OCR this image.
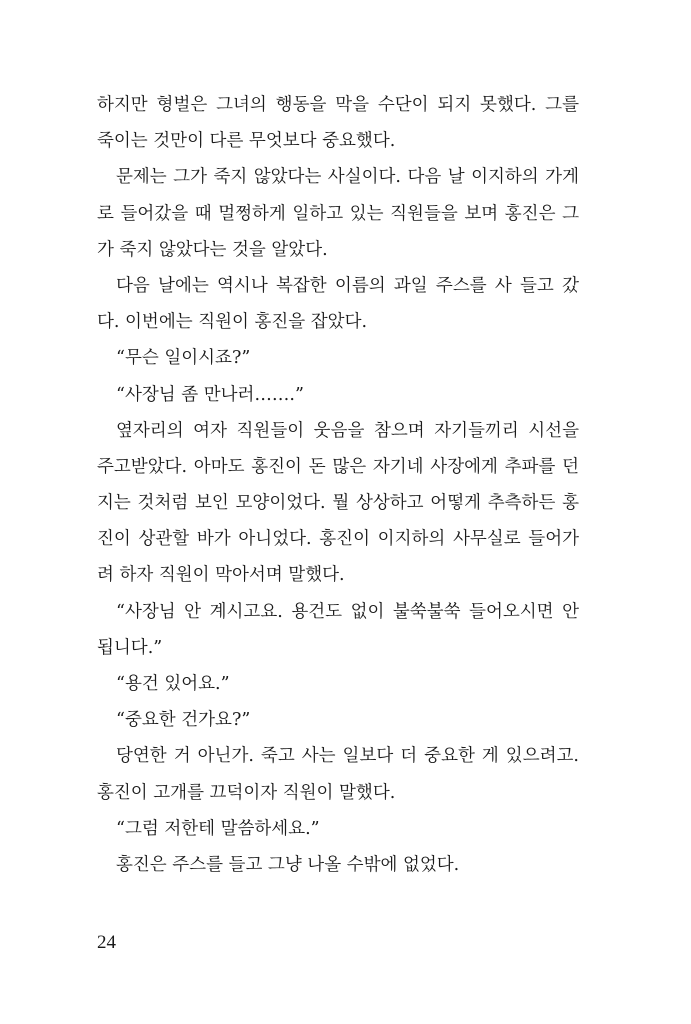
하지만 형벌은 그녀의 행동을 막을 수단이 되지 못했다. 그를
죽이는 것만이 다른 무엇보다 중요했다.
문제는 그가 죽지 않았다는 사실이다. 다음 날 이지하의 가게
로 들어갔을 때 멀쩡하게 일하고 있는 직원들을 보며 홍진은 그
가 죽지 않았다는 것을 알았다.
다음 날에는 역시나 복잡한 이름의 과일 주스를 사 들고 갔
다. 이번에는 직원이 홍진을 잡았다.
“무슨 일이시죠?”
“사장님 좀 만나러…….”
옆자리의 여자 직원들이 웃음을 참으며 자기들끼리 시선을
주고받았다. 아마도 홍진이 돈 많은 자기네 사장에게 추파를 던
지는 것처럼 보인 모양이었다. 뭘 상상하고 어떻게 추측하든 홍
진이 상관할 바가 아니었다. 홍진이 이지하의 사무실로 들어가
려 하자 직원이 막아서며 말했다.
“사장님 안 계시고요. 용건도 없이 불쑥불쑥 들어오시면 안
됩니다.”
“용건 있어요.”
“중요한 건가요?”
당연한 거 아닌가. 죽고 사는 일보다 더 중요한 게 있으려고.
홍진이 고개를 끄덕이자 직원이 말했다.
“그럼 저한테 말씀하세요.”
홍진은 주스를 들고 그냥 나올 수밖에 없었다.
24
